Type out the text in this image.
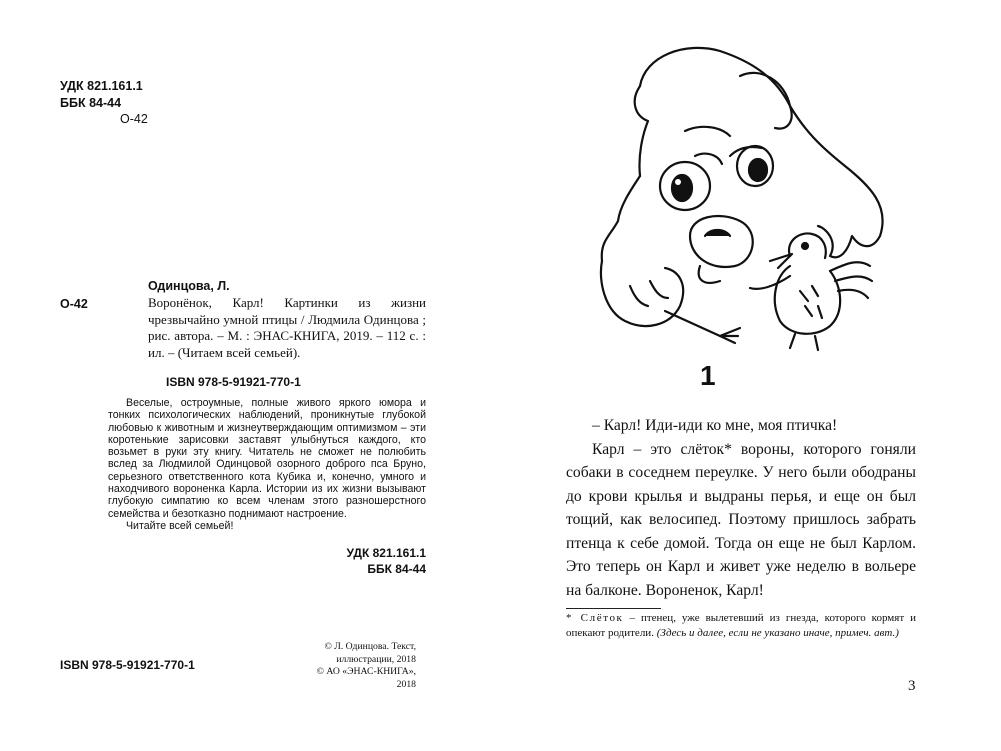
УДК 821.161.1
ББК 84-44
О-42
Одинцова, Л.
О-42	Воронёнок, Карл! Картинки из жизни чрезвычайно умной птицы / Людмила Одинцова ; рис. автора. – М. : ЭНАС-КНИГА, 2019. – 112 с. : ил. – (Читаем всей семьей).

ISBN 978-5-91921-770-1

Веселые, остроумные, полные живого яркого юмора и тонких психологических наблюдений, проникнутые глубокой любовью к животным и жизнеутверждающим оптимизмом – эти коротенькие зарисовки заставят улыбнуться каждого, кто возьмет в руки эту книгу. Читатель не сможет не полюбить вслед за Людмилой Одинцовой озорного доброго пса Бруно, серьезного ответственного кота Кубика и, конечно, умного и находчивого вороненка Карла. Истории из их жизни вызывают глубокую симпатию ко всем членам этого разношерстного семейства и безотказно поднимают настроение.

Читайте всей семьей!

УДК 821.161.1
ББК 84-44
ISBN 978-5-91921-770-1
© Л. Одинцова. Текст,
иллюстрации, 2018
© АО «ЭНАС-КНИГА», 2018
1

– Карл! Иди-иди ко мне, моя птичка!

Карл – это слёток* вороны, которого гоняли собаки в соседнем переулке. У него были ободраны до крови крылья и выдраны перья, и еще он был тощий, как велосипед. Поэтому пришлось забрать птенца к себе домой. Тогда он еще не был Карлом. Это теперь он Карл и живет уже неделю в вольере на балконе. Вороненок, Карл!

* Слёток – птенец, уже вылетевший из гнезда, которого кормят и опекают родители. (Здесь и далее, если не указано иначе, примеч. авт.)
3
